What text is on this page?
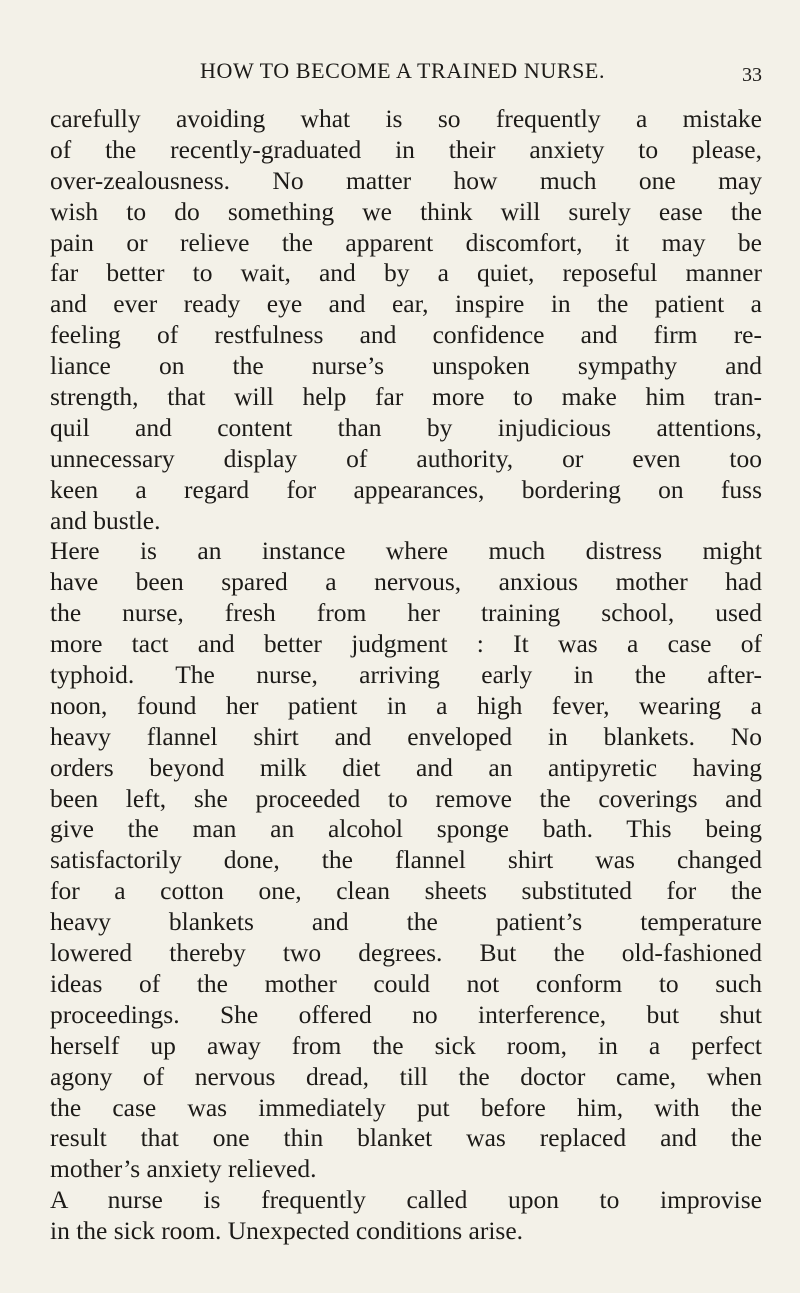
HOW TO BECOME A TRAINED NURSE.	33
carefully avoiding what is so frequently a mistake
of the recently-graduated in their anxiety to please,
over-zealousness. No matter how much one may
wish to do something we think will surely ease the
pain or relieve the apparent discomfort, it may be
far better to wait, and by a quiet, reposeful manner
and ever ready eye and ear, inspire in the patient a
feeling of restfulness and confidence and firm re-
liance on the nurse’s unspoken sympathy and
strength, that will help far more to make him tran-
quil and content than by injudicious attentions,
unnecessary display of authority, or even too
keen a regard for appearances, bordering on fuss
and bustle.
Here is an instance where much distress might
have been spared a nervous, anxious mother had
the nurse, fresh from her training school, used
more tact and better judgment : It was a case of
typhoid. The nurse, arriving early in the after-
noon, found her patient in a high fever, wearing a
heavy flannel shirt and enveloped in blankets. No
orders beyond milk diet and an antipyretic having
been left, she proceeded to remove the coverings and
give the man an alcohol sponge bath. This being
satisfactorily done, the flannel shirt was changed
for a cotton one, clean sheets substituted for the
heavy blankets and the patient’s temperature
lowered thereby two degrees. But the old-fashioned
ideas of the mother could not conform to such
proceedings. She offered no interference, but shut
herself up away from the sick room, in a perfect
agony of nervous dread, till the doctor came, when
the case was immediately put before him, with the
result that one thin blanket was replaced and the
mother’s anxiety relieved.
A nurse is frequently called upon to improvise
in the sick room. Unexpected conditions arise.
